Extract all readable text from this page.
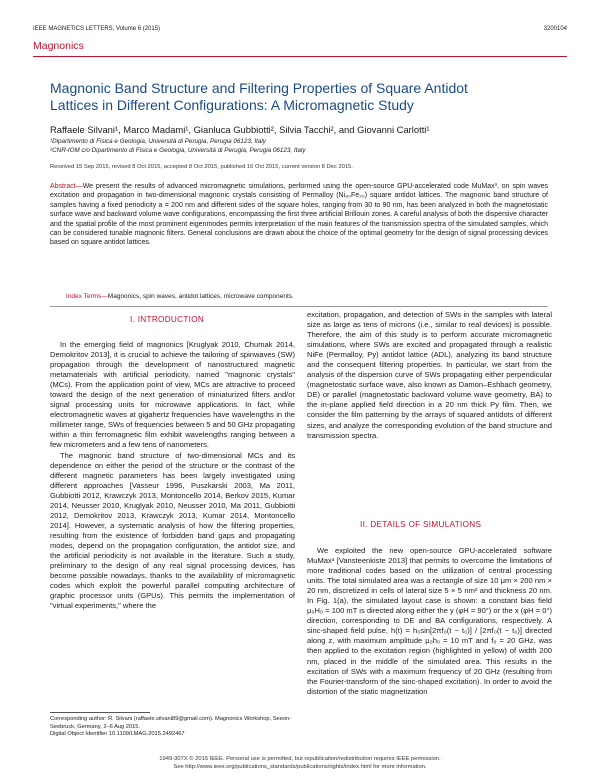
IEEE MAGNETICS LETTERS, Volume 6 (2015)	3200104
Magnonics
Magnonic Band Structure and Filtering Properties of Square Antidot Lattices in Different Configurations: A Micromagnetic Study
Raffaele Silvani¹, Marco Madami¹, Gianluca Gubbiotti², Silvia Tacchi², and Giovanni Carlotti¹
¹Dipartimento di Fisica e Geologia, Università di Perugia, Perugia 06123, Italy
²CNR-IOM c/o Dipartimento di Fisica e Geologia, Università di Perugia, Perugia 06123, Italy
Received 15 Sep 2015, revised 8 Oct 2015, accepted 8 Oct 2015, published 16 Oct 2015, current version 8 Dec 2015.
Abstract—We present the results of advanced micromagnetic simulations, performed using the open-source GPU-accelerated code MuMax³, on spin waves excitation and propagation in two-dimensional magnonic crystals consisting of Permalloy (Ni₈₀Fe₂₀) square antidot lattices. The magnonic band structure of samples having a fixed periodicity a = 200 nm and different sides of the square holes, ranging from 30 to 90 nm, has been analyzed in both the magnetostatic surface wave and backward volume wave configurations, encompassing the first three artificial Brillouin zones. A careful analysis of both the dispersive character and the spatial profile of the most prominent eigenmodes permits interpretation of the main features of the transmission spectra of the simulated samples, which can be considered tunable magnonic filters. General conclusions are drawn about the choice of the optimal geometry for the design of signal processing devices based on square antidot lattices.
Index Terms—Magnonics, spin waves, antidot lattices, microwave components.
I. INTRODUCTION

In the emerging field of magnonics [Kruglyak 2010, Chumak 2014, Demokritov 2013], it is crucial to achieve the tailoring of spinwaves (SW) propagation through the development of nanostructured magnetic metamaterials with artificial periodicity, named "magnonic crystals" (MCs). From the application point of view, MCs are attractive to proceed toward the design of the next generation of miniaturized filters and/or signal processing units for microwave applications. In fact, while electromagnetic waves at gigahertz frequencies have wavelengths in the millimeter range, SWs of frequencies between 5 and 50 GHz propagating within a thin ferromagnetic film exhibit wavelengths ranging between a few micrometers and a few tens of nanometers.

The magnonic band structure of two-dimensional MCs and its dependence on either the period of the structure or the contrast of the different magnetic parameters has been largely investigated using different approaches [Vasseur 1996, Puszkarski 2003, Ma 2011, Gubbiotti 2012, Krawczyk 2013, Montoncello 2014, Berkov 2015, Kumar 2014, Neusser 2010, Kruglyak 2010, Neusser 2010, Ma 2011, Gubbiotti 2012, Demokritov 2013, Krawczyk 2013, Kumar 2014, Montoncello 2014]. However, a systematic analysis of how the filtering properties, resulting from the existence of forbidden band gaps and propagating modes, depend on the propagation configuration, the antidot size, and the artificial periodicity is not available in the literature. Such a study, preliminary to the design of any real signal processing devices, has become possible nowadays, thanks to the availability of micromagnetic codes which exploit the powerful parallel computing architecture of graphic processor units (GPUs). This permits the implementation of "virtual experiments," where the

excitation, propagation, and detection of SWs in the samples with lateral size as large as tens of microns (i.e., similar to real devices) is possible. Therefore, the aim of this study is to perform accurate micromagnetic simulations, where SWs are excited and propagated through a realistic NiFe (Permalloy, Py) antidot lattice (ADL), analyzing its band structure and the consequent filtering properties. In particular, we start from the analysis of the dispersion curve of SWs propagating either perpendicular (magnetostatic surface wave, also known as Damon–Eshbach geometry, DE) or parallel (magnetostatic backward volume wave geometry, BA) to the in-plane applied field direction in a 20 nm thick Py film. Then, we consider the film patterning by the arrays of squared antidots of different sizes, and analyze the corresponding evolution of the band structure and transmission spectra.

II. DETAILS OF SIMULATIONS

We exploited the new open-source GPU-accelerated software MuMax³ [Vansteenkiste 2013] that permits to overcome the limitations of more traditional codes based on the utilization of central processing units. The total simulated area was a rectangle of size 10 μm × 200 nm × 20 nm, discretized in cells of lateral size 5 × 5 nm² and thickness 20 nm. In Fig. 1(a), the simulated layout case is shown: a constant bias field μ₀H₀ = 100 mT is directed along either the y (φH = 90°) or the x (φH = 0°) direction, corresponding to DE and BA configurations, respectively. A sinc-shaped field pulse, h(t) = h₀sin[2πf₀(t − t₀)] / [2πf₀(t − t₀)] directed along z, with maximum amplitude μ₀h₀ = 10 mT and f₀ = 20 GHz, was then applied to the excitation region (highlighted in yellow) of width 200 nm, placed in the middle of the simulated area. This results in the excitation of SWs with a maximum frequency of 20 GHz (resulting from the Fourier-transform of the sinc-shaped excitation). In order to avoid the distortion of the static magnetization

Corresponding author: R. Silvani (raffaele.silvani89@gmail.com). Magnonics Workshop, Seeon-Seebruck, Germany, 2–6 Aug 2015.
Digital Object Identifier 10.1109/LMAG.2015.2492467
1949-307X © 2015 IEEE. Personal use is permitted, but republication/redistribution requires IEEE permission.
See http://www.ieee.org/publications_standards/publications/rights/index.html for more information.
